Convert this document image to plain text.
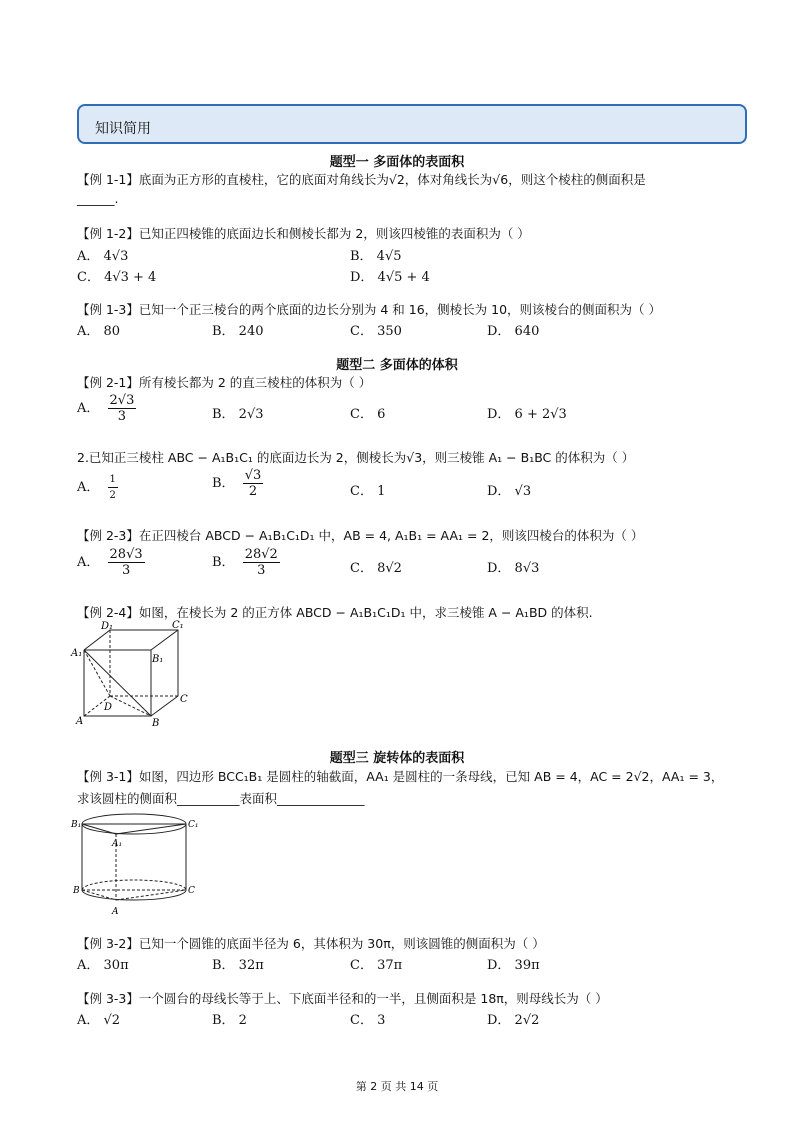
知识简用
题型一 多面体的表面积
【例 1-1】底面为正方形的直棱柱，它的底面对角线长为√2，体对角线长为√6，则这个棱柱的侧面积是
______.
【例 1-2】已知正四棱锥的底面边长和侧棱长都为 2，则该四棱锥的表面积为（ ）
A． 4√3	B． 4√5
C． 4√3 + 4	D． 4√5 + 4
【例 1-3】已知一个正三棱台的两个底面的边长分别为 4 和 16，侧棱长为 10，则该棱台的侧面积为（ ）
A． 80	B． 240	C． 350	D． 640
题型二 多面体的体积
【例 2-1】所有棱长都为 2 的直三棱柱的体积为（ ）
A． $\frac{2√3}{3}$	B． 2√3	C． 6	D． 6 + 2√3
2.已知正三棱柱 ABC − A₁B₁C₁ 的底面边长为 2，侧棱长为√3，则三棱锥 A₁ − B₁BC 的体积为（ ）
A． $\frac{1}{2}$	B． $\frac{√3}{2}$	C． 1	D． √3
【例 2-3】在正四棱台 ABCD − A₁B₁C₁D₁ 中，AB = 4, A₁B₁ = AA₁ = 2，则该四棱台的体积为（ ）
A． $\frac{28√3}{3}$	B． $\frac{28√2}{3}$	C． 8√2	D． 8√3
【例 2-4】如图，在棱长为 2 的正方体 ABCD − A₁B₁C₁D₁ 中，求三棱锥 A − A₁BD 的体积.
D₁	C₁
A₁
B₁
C
D
A	B
题型三 旋转体的表面积
【例 3-1】如图，四边形 BCC₁B₁ 是圆柱的轴截面，AA₁ 是圆柱的一条母线，已知 AB = 4，AC = 2√2，AA₁ = 3，
求该圆柱的侧面积__________表面积______________
B₁	C₁
A₁
B	C
A
【例 3-2】已知一个圆锥的底面半径为 6，其体积为 30π，则该圆锥的侧面积为（ ）
A． 30π	B． 32π	C． 37π	D． 39π
【例 3-3】一个圆台的母线长等于上、下底面半径和的一半，且侧面积是 18π，则母线长为（ ）
A． √2	B． 2	C． 3	D． 2√2
第 2 页 共 14 页
